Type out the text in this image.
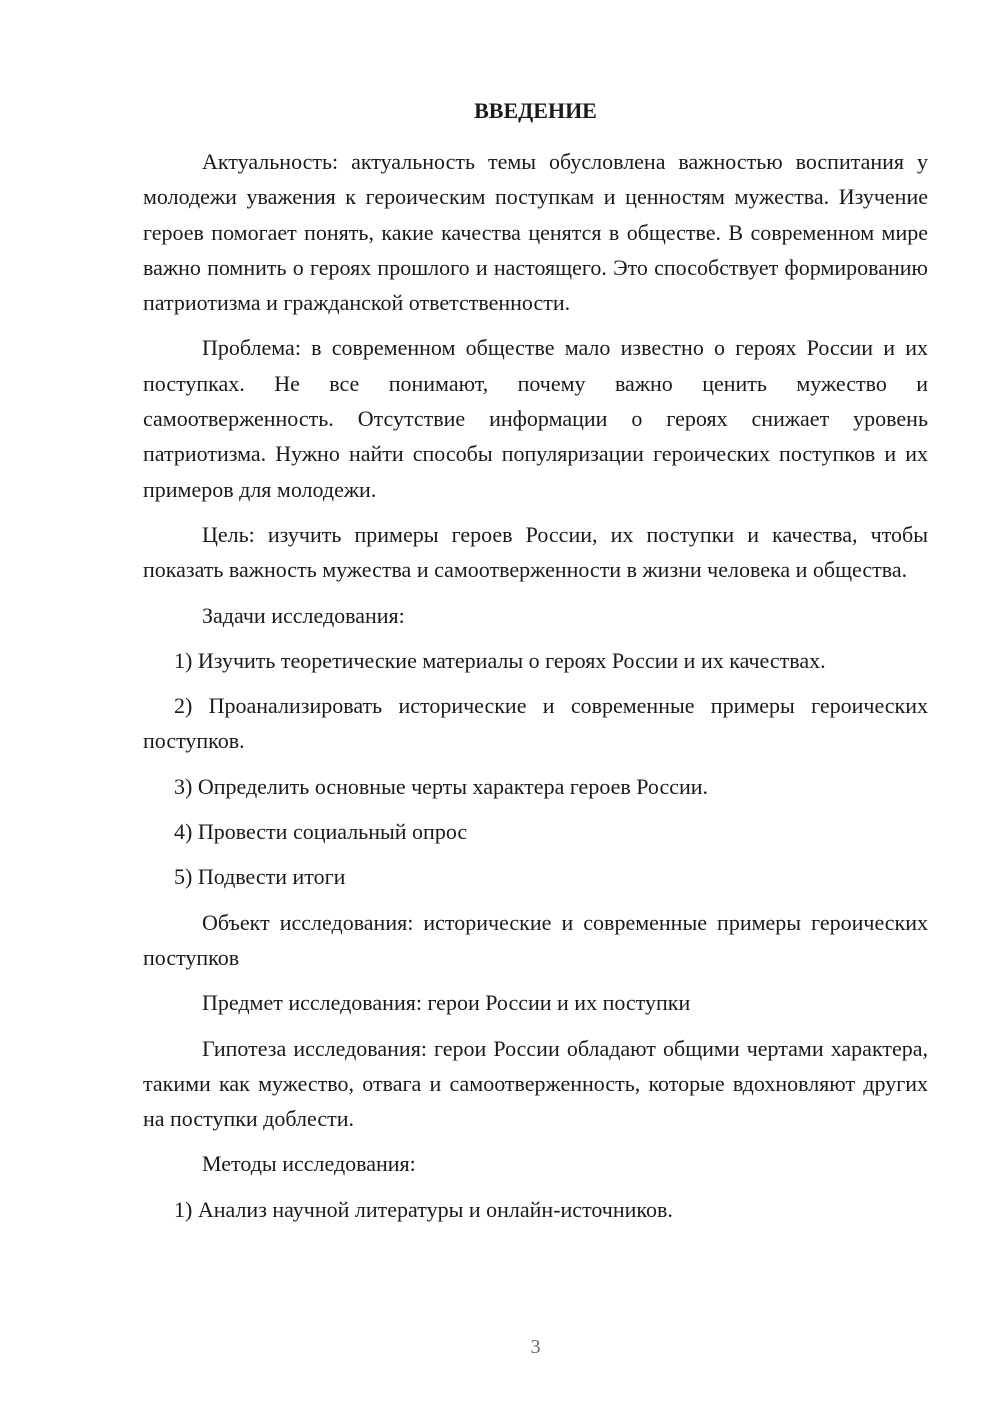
ВВЕДЕНИЕ

Актуальность: актуальность темы обусловлена важностью воспитания у молодежи уважения к героическим поступкам и ценностям мужества. Изучение героев помогает понять, какие качества ценятся в обществе. В современном мире важно помнить о героях прошлого и настоящего. Это способствует формированию патриотизма и гражданской ответственности.

Проблема: в современном обществе мало известно о героях России и их поступках. Не все понимают, почему важно ценить мужество и самоотверженность. Отсутствие информации о героях снижает уровень патриотизма. Нужно найти способы популяризации героических поступков и их примеров для молодежи.

Цель: изучить примеры героев России, их поступки и качества, чтобы показать важность мужества и самоотверженности в жизни человека и общества.

Задачи исследования:

1) Изучить теоретические материалы о героях России и их качествах.

2) Проанализировать исторические и современные примеры героических поступков.

3) Определить основные черты характера героев России.

4) Провести социальный опрос

5) Подвести итоги

Объект исследования: исторические и современные примеры героических поступков

Предмет исследования: герои России и их поступки

Гипотеза исследования: герои России обладают общими чертами характера, такими как мужество, отвага и самоотверженность, которые вдохновляют других на поступки доблести.

Методы исследования:

1) Анализ научной литературы и онлайн-источников.

3
